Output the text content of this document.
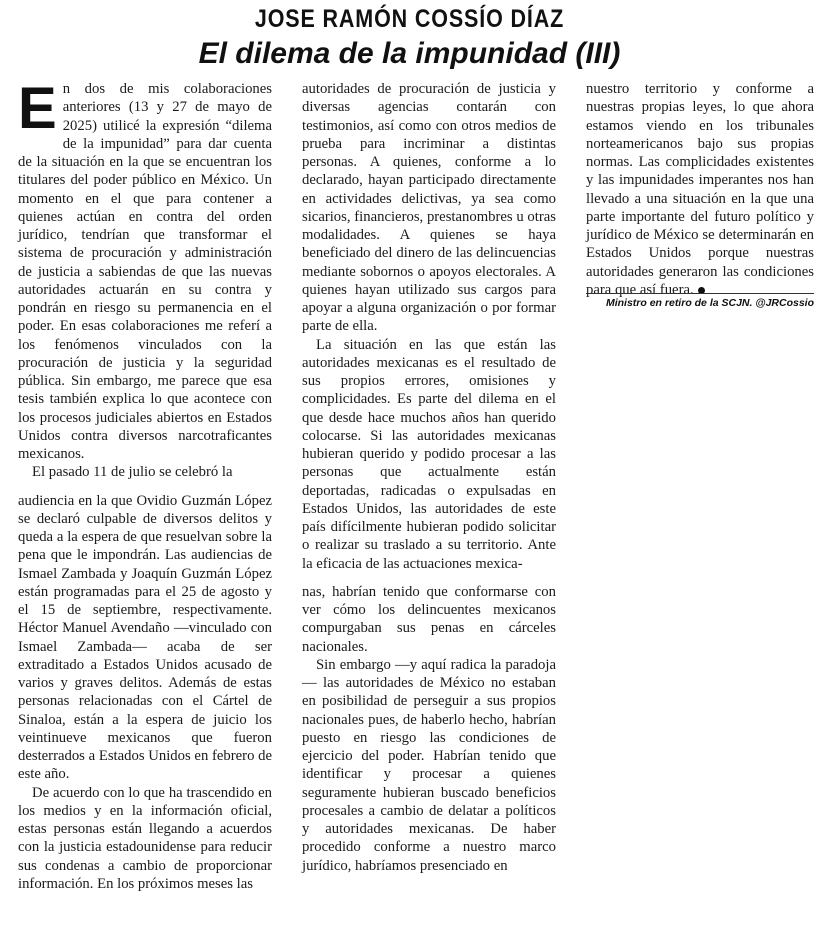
JOSE RAMÓN COSSÍO DÍAZ
El dilema de la impunidad (III)

En dos de mis colaboraciones anteriores (13 y 27 de mayo de 2025) utilicé la expresión “dilema de la impunidad” para dar cuenta de la situación en la que se encuentran los titulares del poder público en México. Un momento en el que para contener a quienes actúan en contra del orden jurídico, tendrían que transformar el sistema de procuración y administración de justicia a sabiendas de que las nuevas autoridades actuarán en su contra y pondrán en riesgo su permanencia en el poder. En esas colaboraciones me referí a los fenómenos vinculados con la procuración de justicia y la seguridad pública. Sin embargo, me parece que esa tesis también explica lo que acontece con los procesos judiciales abiertos en Estados Unidos contra diversos narcotraficantes mexicanos.

El pasado 11 de julio se celebró la

audiencia en la que Ovidio Guzmán López se declaró culpable de diversos delitos y queda a la espera de que resuelvan sobre la pena que le impondrán. Las audiencias de Ismael Zambada y Joaquín Guzmán López están programadas para el 25 de agosto y el 15 de septiembre, respectivamente. Héctor Manuel Avendaño —vinculado con Ismael Zambada— acaba de ser extraditado a Estados Unidos acusado de varios y graves delitos. Además de estas personas relacionadas con el Cártel de Sinaloa, están a la espera de juicio los veintinueve mexicanos que fueron desterrados a Estados Unidos en febrero de este año.

De acuerdo con lo que ha trascendido en los medios y en la información oficial, estas personas están llegando a acuerdos con la justicia estadounidense para reducir sus condenas a cambio de proporcionar información. En los próximos meses las

autoridades de procuración de justicia y diversas agencias contarán con testimonios, así como con otros medios de prueba para incriminar a distintas personas. A quienes, conforme a lo declarado, hayan participado directamente en actividades delictivas, ya sea como sicarios, financieros, prestanombres u otras modalidades. A quienes se haya beneficiado del dinero de las delincuencias mediante sobornos o apoyos electorales. A quienes hayan utilizado sus cargos para apoyar a alguna organización o por formar parte de ella.

La situación en las que están las autoridades mexicanas es el resultado de sus propios errores, omisiones y complicidades. Es parte del dilema en el que desde hace muchos años han querido colocarse. Si las autoridades mexicanas hubieran querido y podido procesar a las personas que actualmente están deportadas, radicadas o expulsadas en Estados Unidos, las autoridades de este país difícilmente hubieran podido solicitar o realizar su traslado a su territorio. Ante la eficacia de las actuaciones mexica-

nas, habrían tenido que conformarse con ver cómo los delincuentes mexicanos compurgaban sus penas en cárceles nacionales.

Sin embargo —y aquí radica la paradoja— las autoridades de México no estaban en posibilidad de perseguir a sus propios nacionales pues, de haberlo hecho, habrían puesto en riesgo las condiciones de ejercicio del poder. Habrían tenido que identificar y procesar a quienes seguramente hubieran buscado beneficios procesales a cambio de delatar a políticos y autoridades mexicanas. De haber procedido conforme a nuestro marco jurídico, habríamos presenciado en

nuestro territorio y conforme a nuestras propias leyes, lo que ahora estamos viendo en los tribunales norteamericanos bajo sus propias normas. Las complicidades existentes y las impunidades imperantes nos han llevado a una situación en la que una parte importante del futuro político y jurídico de México se determinarán en Estados Unidos porque nuestras autoridades generaron las condiciones para que así fuera.

Ministro en retiro de la SCJN. @JRCossio
